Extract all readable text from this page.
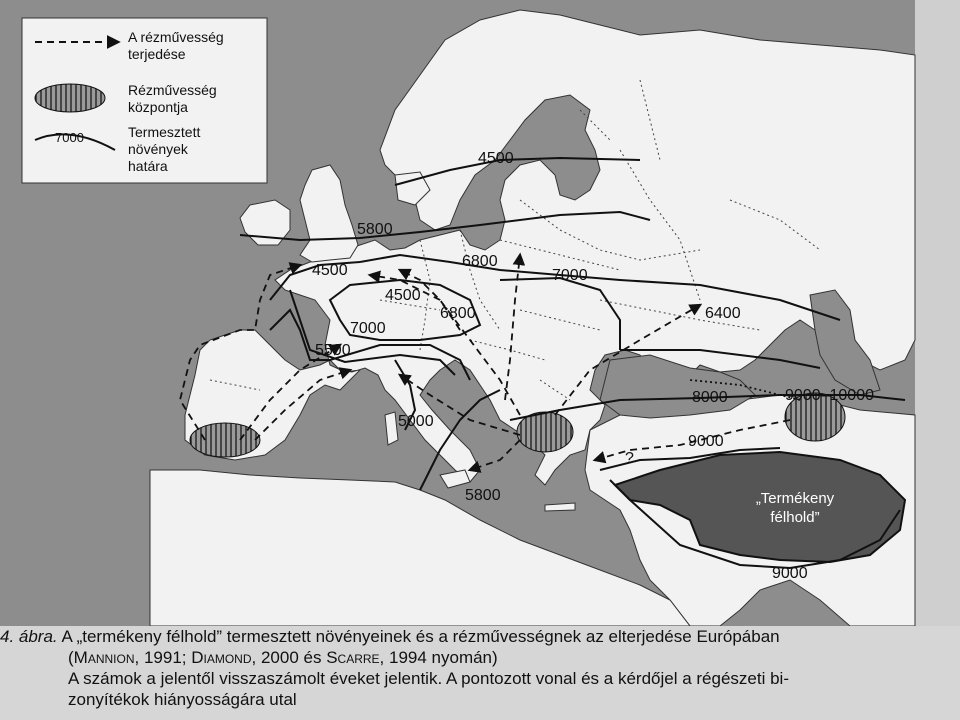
„Termékeny
félhold”
4500
5800
4500
6800
7000
4500
6800	6400
7000
5500
8000	9000–10000
5000
9000
?
5800
9000
A rézművesség
terjedése
Rézművesség
központja
7000	Termesztett
növények
határa
4. ábra. A „termékeny félhold” termesztett növényeinek és a rézművességnek az elterjedése Európában
(Mannion, 1991; Diamond, 2000 és Scarre, 1994 nyomán)
A számok a jelentől visszaszámolt éveket jelentik. A pontozott vonal és a kérdőjel a régészeti bi-
zonyítékok hiányosságára utal
